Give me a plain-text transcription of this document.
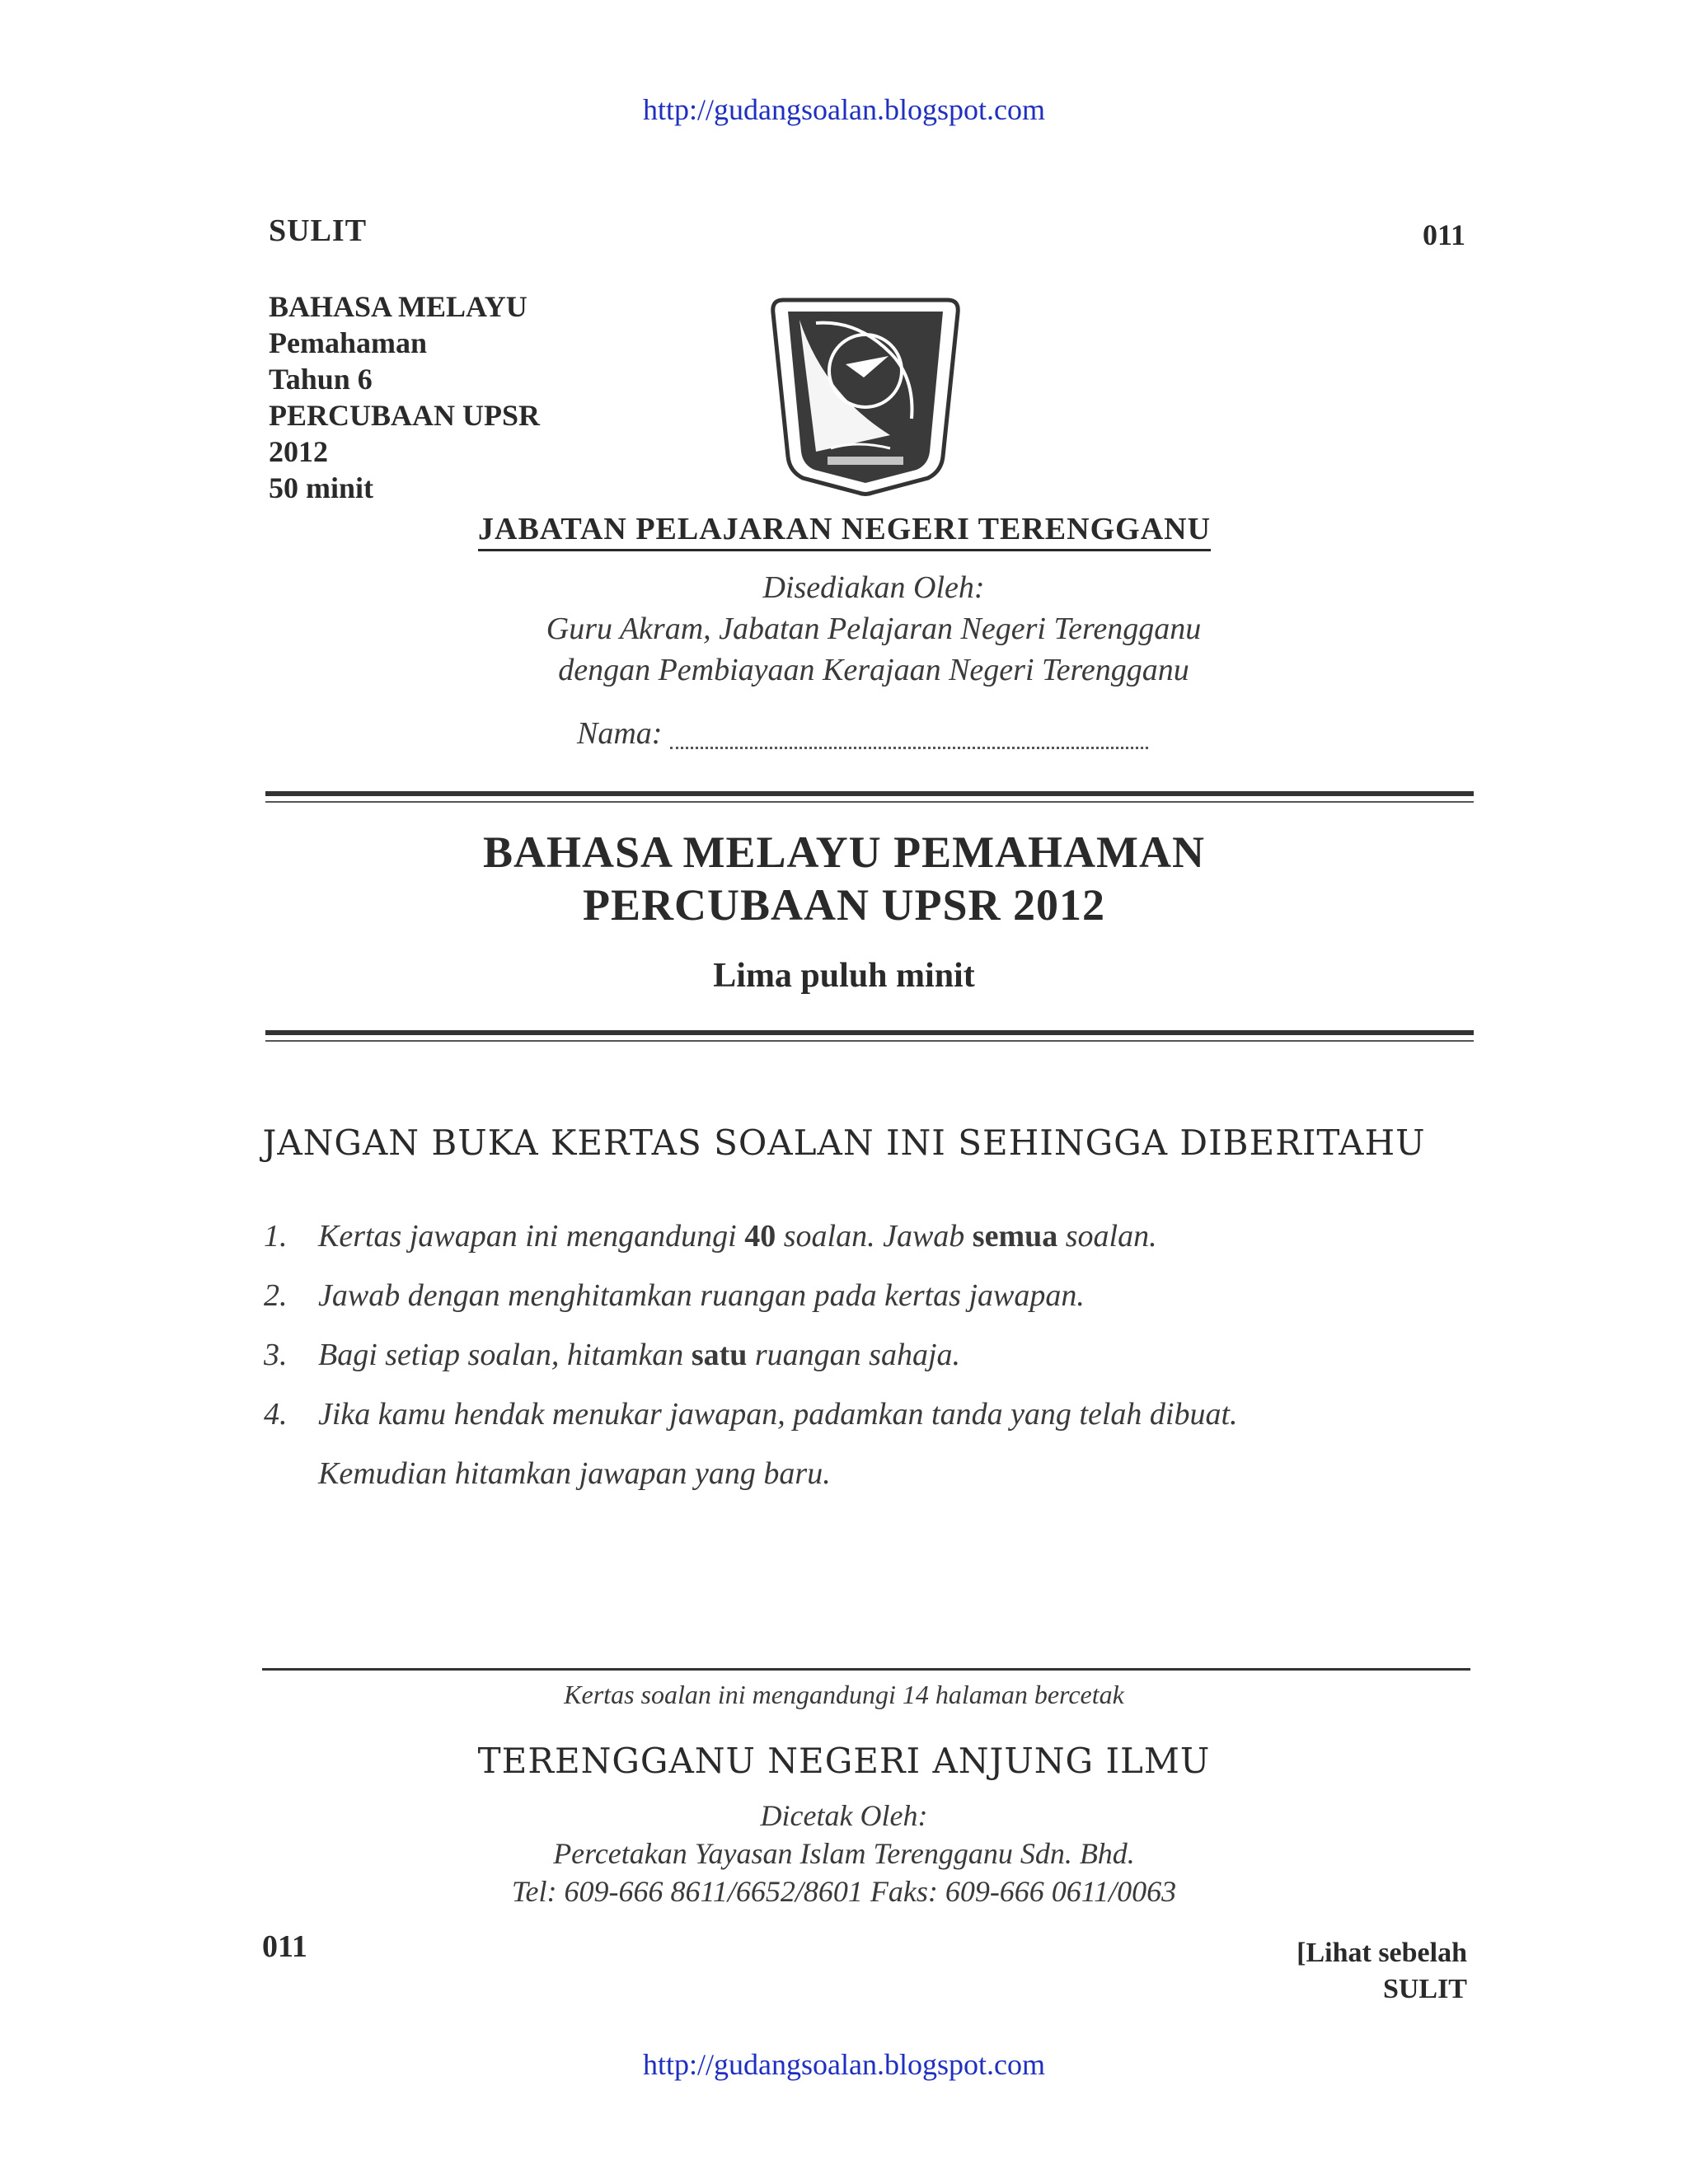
http://gudangsoalan.blogspot.com
SULIT	011
BAHASA MELAYU
Pemahaman
Tahun 6
PERCUBAAN UPSR
2012
50 minit
JABATAN PELAJARAN NEGERI TERENGGANU
Disediakan Oleh:
Guru Akram, Jabatan Pelajaran Negeri Terengganu
dengan Pembiayaan Kerajaan Negeri Terengganu
Nama:
BAHASA MELAYU PEMAHAMAN
PERCUBAAN UPSR 2012
Lima puluh minit
JANGAN BUKA KERTAS SOALAN INI SEHINGGA DIBERITAHU
1. Kertas jawapan ini mengandungi 40 soalan. Jawab semua soalan.
2. Jawab dengan menghitamkan ruangan pada kertas jawapan.
3. Bagi setiap soalan, hitamkan satu ruangan sahaja.
4. Jika kamu hendak menukar jawapan, padamkan tanda yang telah dibuat.
Kemudian hitamkan jawapan yang baru.
Kertas soalan ini mengandungi 14 halaman bercetak
TERENGGANU NEGERI ANJUNG ILMU
Dicetak Oleh:
Percetakan Yayasan Islam Terengganu Sdn. Bhd.
Tel: 609-666 8611/6652/8601 Faks: 609-666 0611/0063
011	[Lihat sebelah
SULIT
http://gudangsoalan.blogspot.com
